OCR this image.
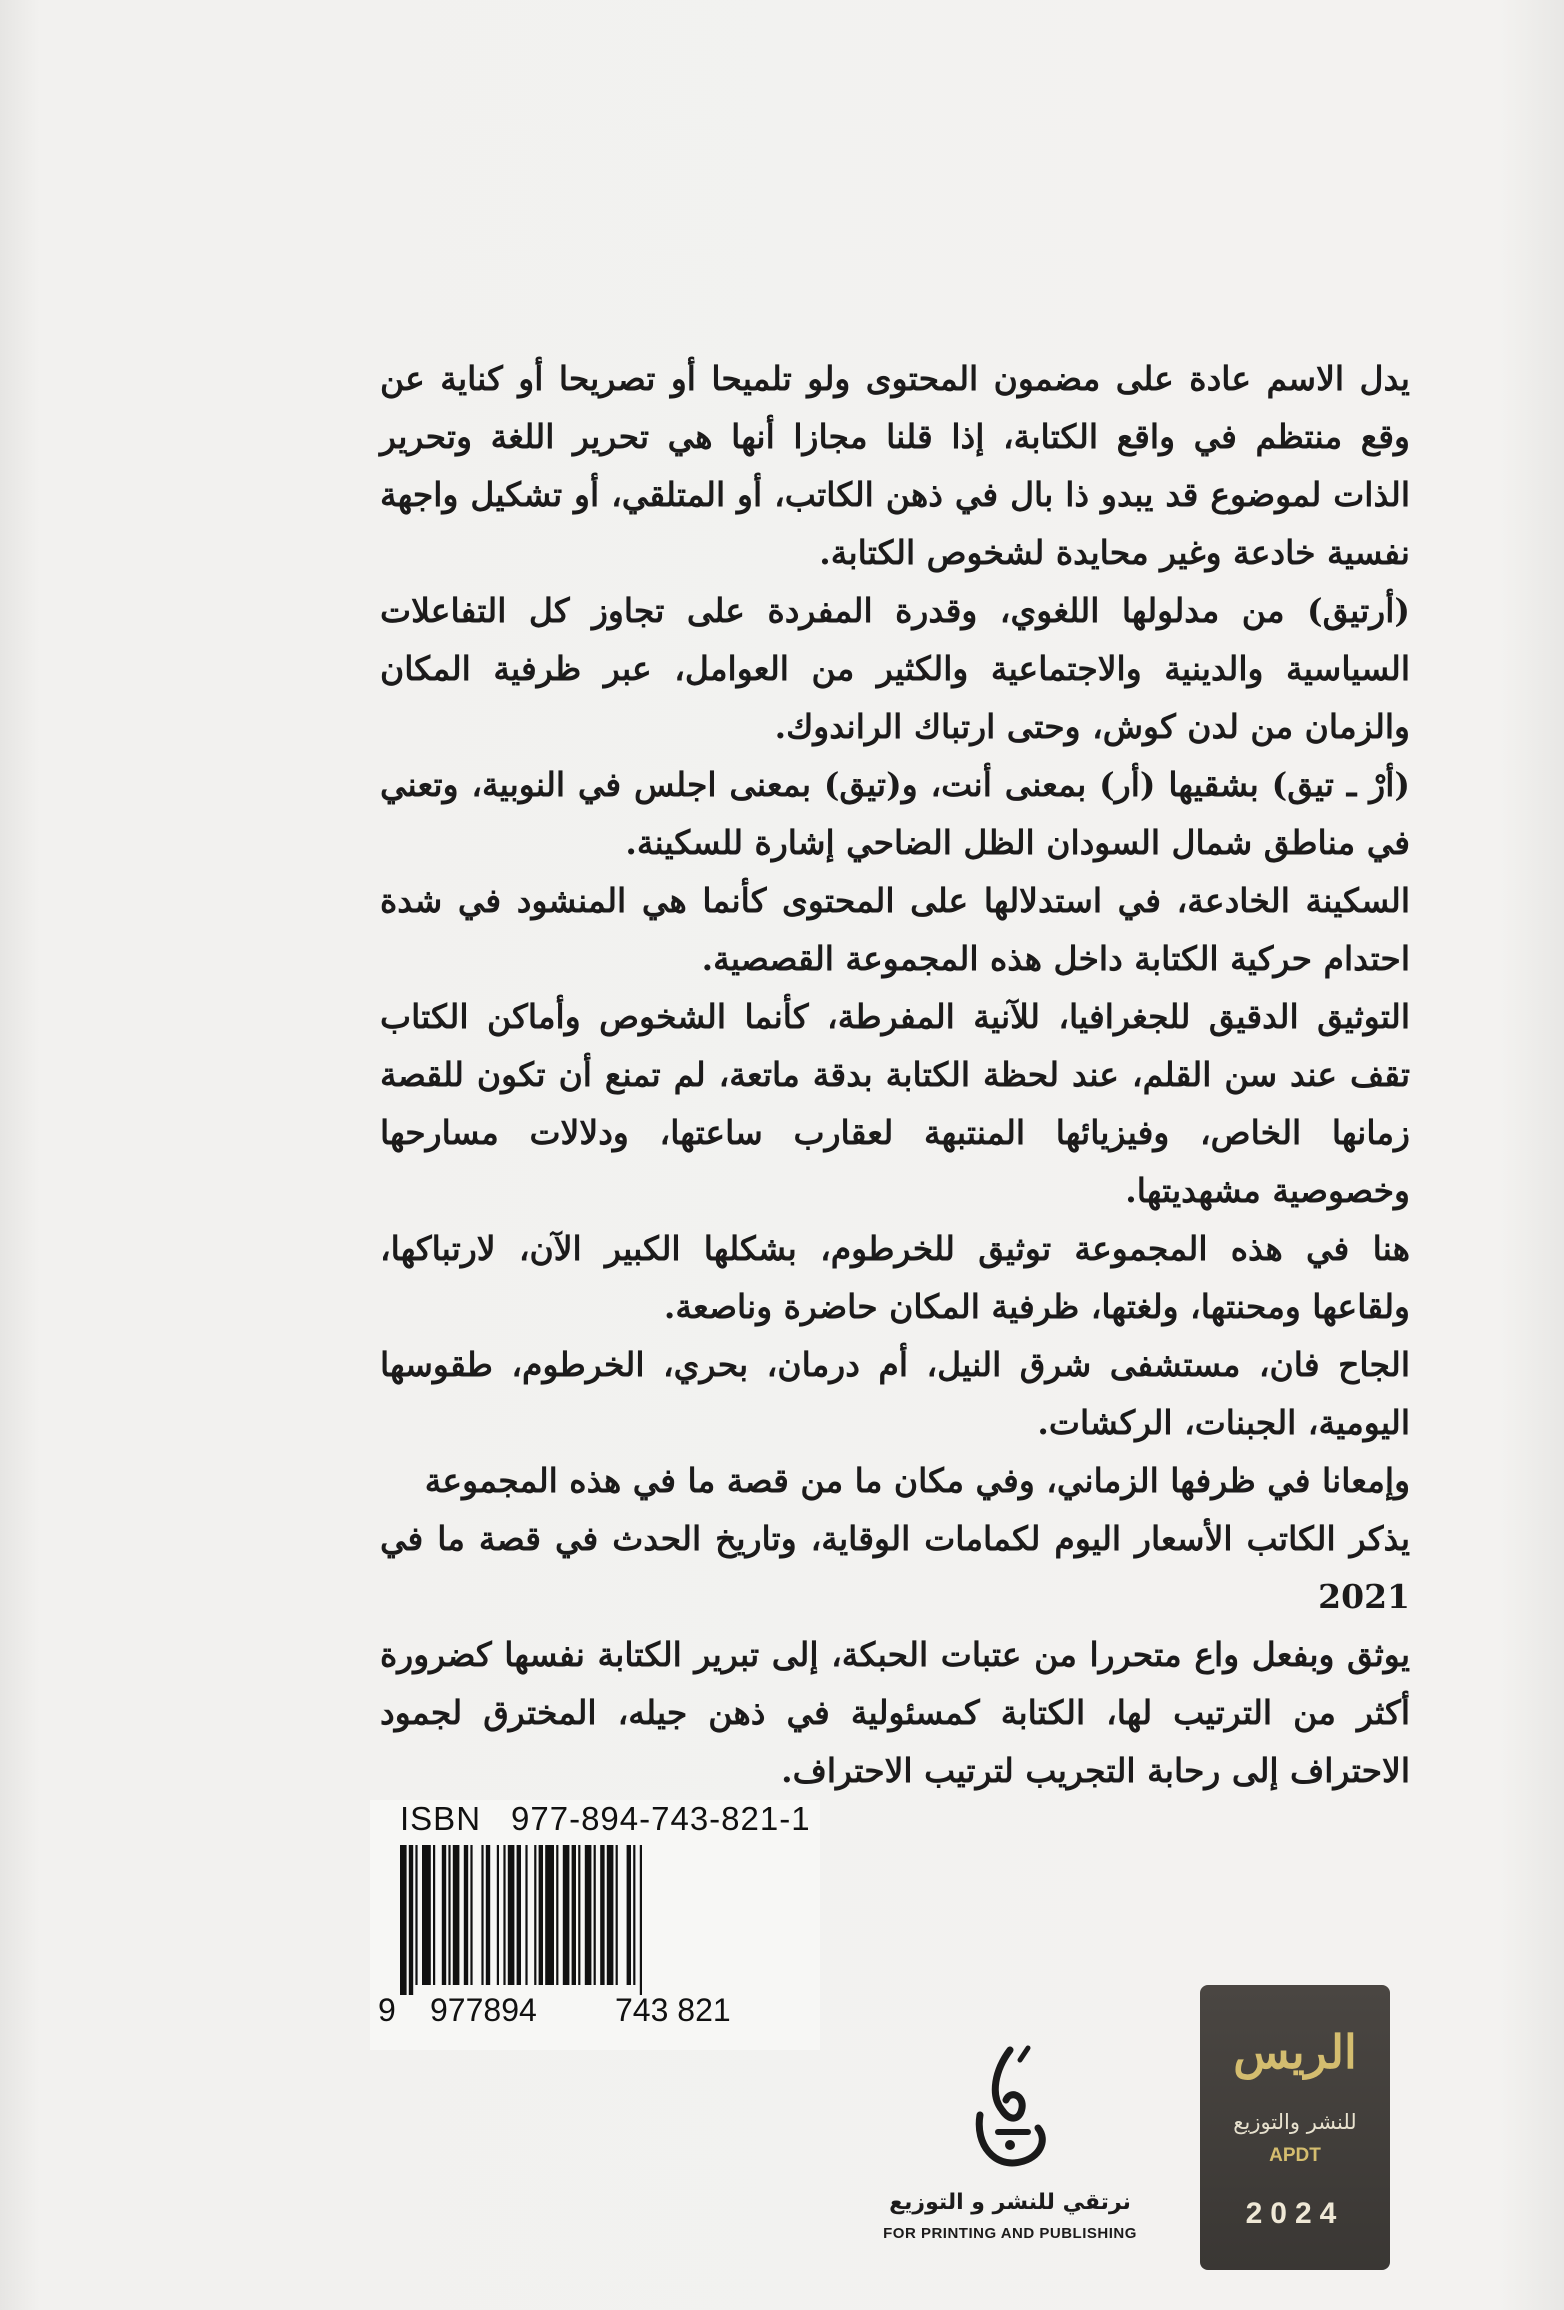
يدل الاسم عادة على مضمون المحتوى ولو تلميحا أو تصريحا أو كناية عن وقع منتظم في واقع الكتابة، إذا قلنا مجازا أنها هي تحرير اللغة وتحرير الذات لموضوع قد يبدو ذا بال في ذهن الكاتب، أو المتلقي، أو تشكيل واجهة نفسية خادعة وغير محايدة لشخوص الكتابة.

(أرتيق) من مدلولها اللغوي، وقدرة المفردة على تجاوز كل التفاعلات السياسية والدينية والاجتماعية والكثير من العوامل، عبر ظرفية المكان والزمان من لدن كوش، وحتى ارتباك الراندوك.

(أرْ ـ تيق) بشقيها (أر) بمعنى أنت، و(تيق) بمعنى اجلس في النوبية، وتعني في مناطق شمال السودان الظل الضاحي إشارة للسكينة.

السكينة الخادعة، في استدلالها على المحتوى كأنما هي المنشود في شدة احتدام حركية الكتابة داخل هذه المجموعة القصصية.

التوثيق الدقيق للجغرافيا، للآنية المفرطة، كأنما الشخوص وأماكن الكتاب تقف عند سن القلم، عند لحظة الكتابة بدقة ماتعة، لم تمنع أن تكون للقصة زمانها الخاص، وفيزيائها المنتبهة لعقارب ساعتها، ودلالات مسارحها وخصوصية مشهديتها.

هنا في هذه المجموعة توثيق للخرطوم، بشكلها الكبير الآن، لارتباكها، ولقاعها ومحنتها، ولغتها، ظرفية المكان حاضرة وناصعة.

الجاح فان، مستشفى شرق النيل، أم درمان، بحري، الخرطوم، طقوسها اليومية، الجبنات، الركشات.

وإمعانا في ظرفها الزماني، وفي مكان ما من قصة ما في هذه المجموعة

يذكر الكاتب الأسعار اليوم لكمامات الوقاية، وتاريخ الحدث في قصة ما في 2021

يوثق وبفعل واع متحررا من عتبات الحبكة، إلى تبرير الكتابة نفسها كضرورة أكثر من الترتيب لها، الكتابة كمسئولية في ذهن جيله، المخترق لجمود الاحتراف إلى رحابة التجريب لترتيب الاحتراف.

ISBN 977-894-743-821-1
9 977894 743 821
نرتقي للنشر و التوزيع
FOR PRINTING AND PUBLISHING
الريس
للنشر والتوزيع
APDT
2024
